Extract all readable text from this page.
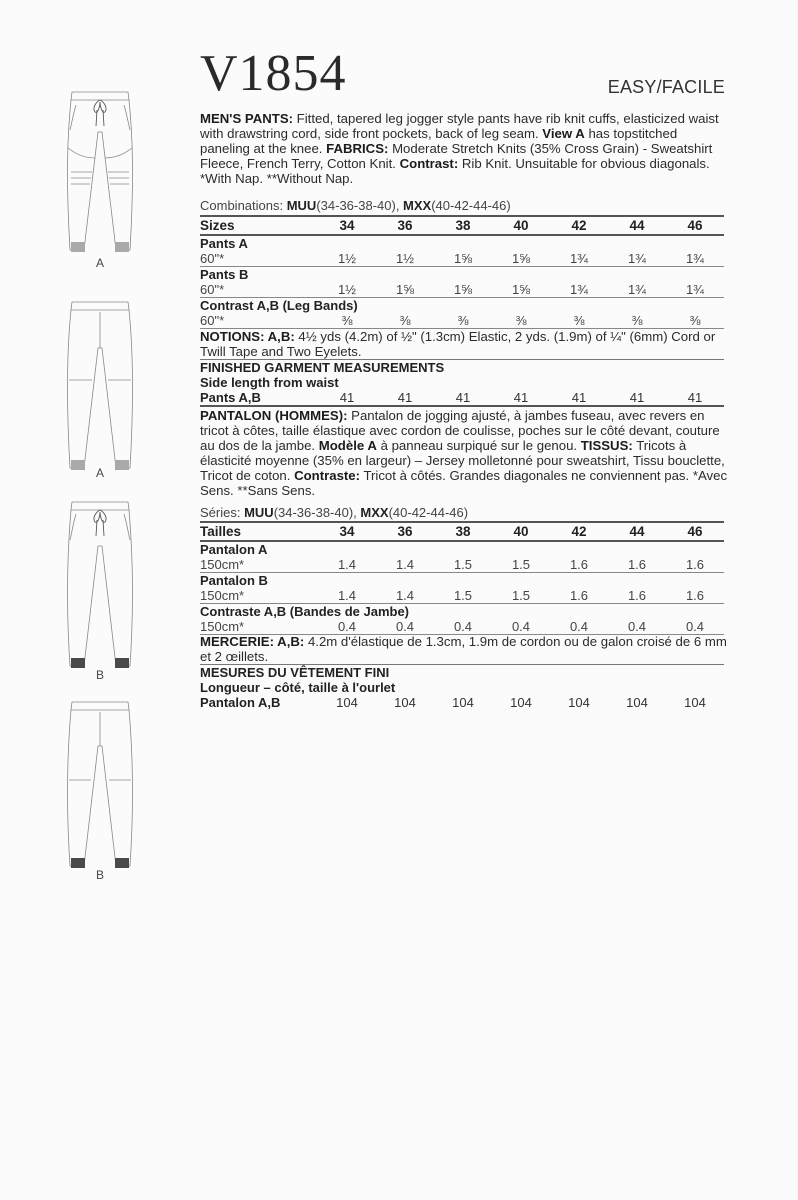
A
A
B
B
V1854	EASY/FACILE
MEN'S PANTS: Fitted, tapered leg jogger style pants have rib knit cuffs, elasticized waist with drawstring cord, side front pockets, back of leg seam. View A has topstitched paneling at the knee. FABRICS: Moderate Stretch Knits (35% Cross Grain) - Sweatshirt Fleece, French Terry, Cotton Knit. Contrast: Rib Knit. Unsuitable for obvious diagonals. *With Nap. **Without Nap.
Combinations: MUU(34-36-38-40), MXX(40-42-44-46)
Sizes	34	36	38	40	42	44	46
Pants A							
60"*	1½	1½	1⅝	1⅝	1¾	1¾	1¾
Pants B							
60"*	1½	1⅝	1⅝	1⅝	1¾	1¾	1¾
Contrast A,B (Leg Bands)							
60"*	⅜	⅜	⅜	⅜	⅜	⅜	⅜
NOTIONS: A,B: 4½ yds (4.2m) of ½" (1.3cm) Elastic, 2 yds. (1.9m) of ¼" (6mm) Cord or Twill Tape and Two Eyelets.
FINISHED GARMENT MEASUREMENTS
Side length from waist
Pants A,B	41	41	41	41	41	41	41
PANTALON (HOMMES): Pantalon de jogging ajusté, à jambes fuseau, avec revers en tricot à côtes, taille élastique avec cordon de coulisse, poches sur le côté devant, couture au dos de la jambe. Modèle A à panneau surpiqué sur le genou. TISSUS: Tricots à élasticité moyenne (35% en largeur) – Jersey molletonné pour sweatshirt, Tissu bouclette, Tricot de coton. Contraste: Tricot à côtés. Grandes diagonales ne conviennent pas. *Avec Sens. **Sans Sens.
Séries: MUU(34-36-38-40), MXX(40-42-44-46)
Tailles	34	36	38	40	42	44	46
Pantalon A							
150cm*	1.4	1.4	1.5	1.5	1.6	1.6	1.6
Pantalon B							
150cm*	1.4	1.4	1.5	1.5	1.6	1.6	1.6
Contraste A,B (Bandes de Jambe)							
150cm*	0.4	0.4	0.4	0.4	0.4	0.4	0.4
MERCERIE: A,B: 4.2m d'élastique de 1.3cm, 1.9m de cordon ou de galon croisé de 6 mm et 2 œillets.
MESURES DU VÊTEMENT FINI
Longueur – côté, taille à l'ourlet
Pantalon A,B	104	104	104	104	104	104	104
